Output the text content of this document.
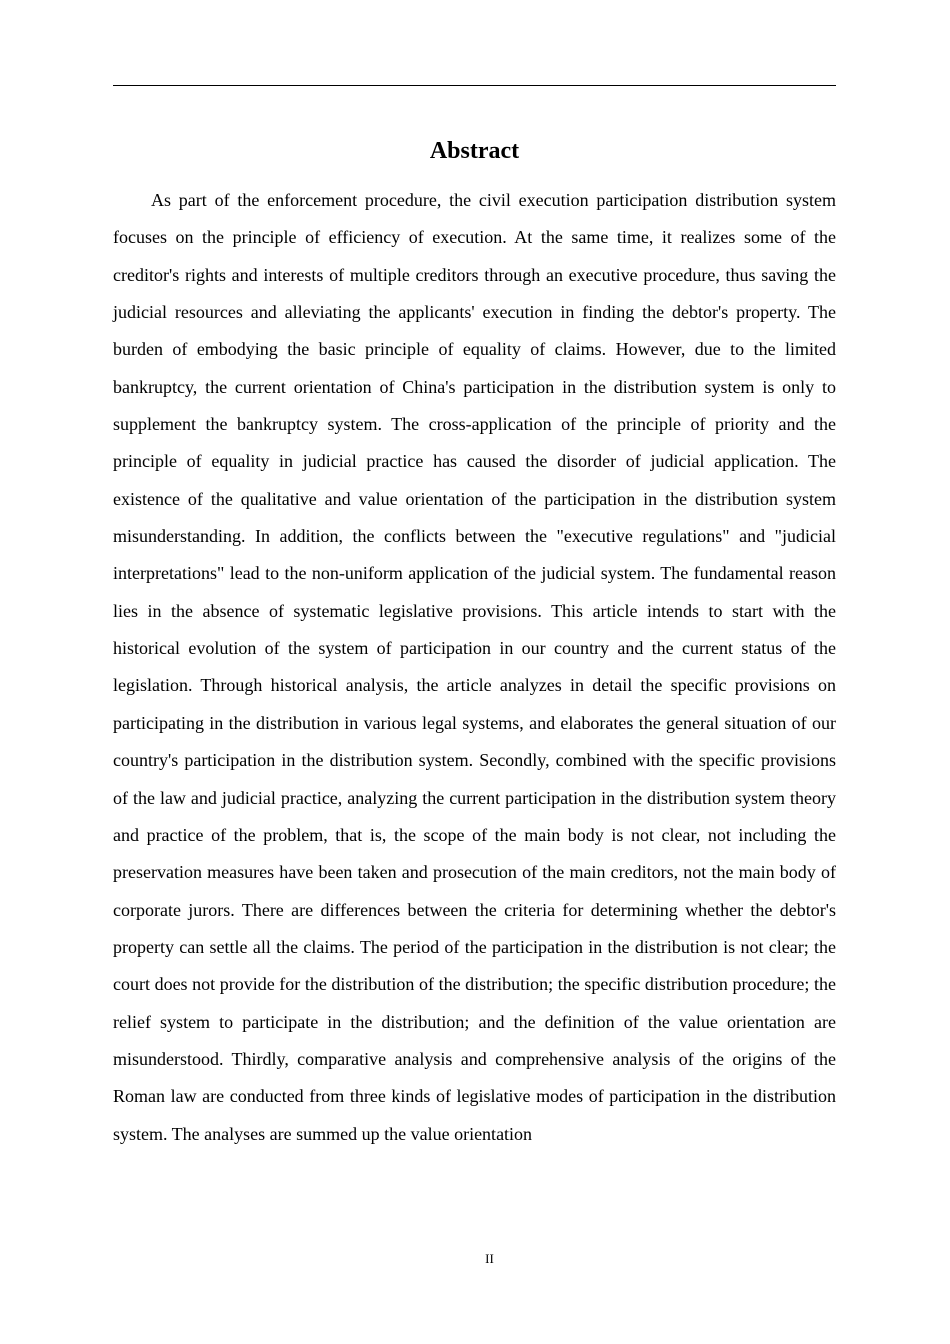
Abstract

As part of the enforcement procedure, the civil execution participation distribution system focuses on the principle of efficiency of execution. At the same time, it realizes some of the creditor's rights and interests of multiple creditors through an executive procedure, thus saving the judicial resources and alleviating the applicants' execution in finding the debtor's property. The burden of embodying the basic principle of equality of claims. However, due to the limited bankruptcy, the current orientation of China's participation in the distribution system is only to supplement the bankruptcy system. The cross-application of the principle of priority and the principle of equality in judicial practice has caused the disorder of judicial application. The existence of the qualitative and value orientation of the participation in the distribution system misunderstanding. In addition, the conflicts between the "executive regulations" and "judicial interpretations" lead to the non-uniform application of the judicial system. The fundamental reason lies in the absence of systematic legislative provisions. This article intends to start with the historical evolution of the system of participation in our country and the current status of the legislation. Through historical analysis, the article analyzes in detail the specific provisions on participating in the distribution in various legal systems, and elaborates the general situation of our country's participation in the distribution system. Secondly, combined with the specific provisions of the law and judicial practice, analyzing the current participation in the distribution system theory and practice of the problem, that is, the scope of the main body is not clear, not including the preservation measures have been taken and prosecution of the main creditors, not the main body of corporate jurors. There are differences between the criteria for determining whether the debtor's property can settle all the claims. The period of the participation in the distribution is not clear; the court does not provide for the distribution of the distribution; the specific distribution procedure; the relief system to participate in the distribution; and the definition of the value orientation are misunderstood. Thirdly, comparative analysis and comprehensive analysis of the origins of the Roman law are conducted from three kinds of legislative modes of participation in the distribution system. The analyses are summed up the value orientation

II
